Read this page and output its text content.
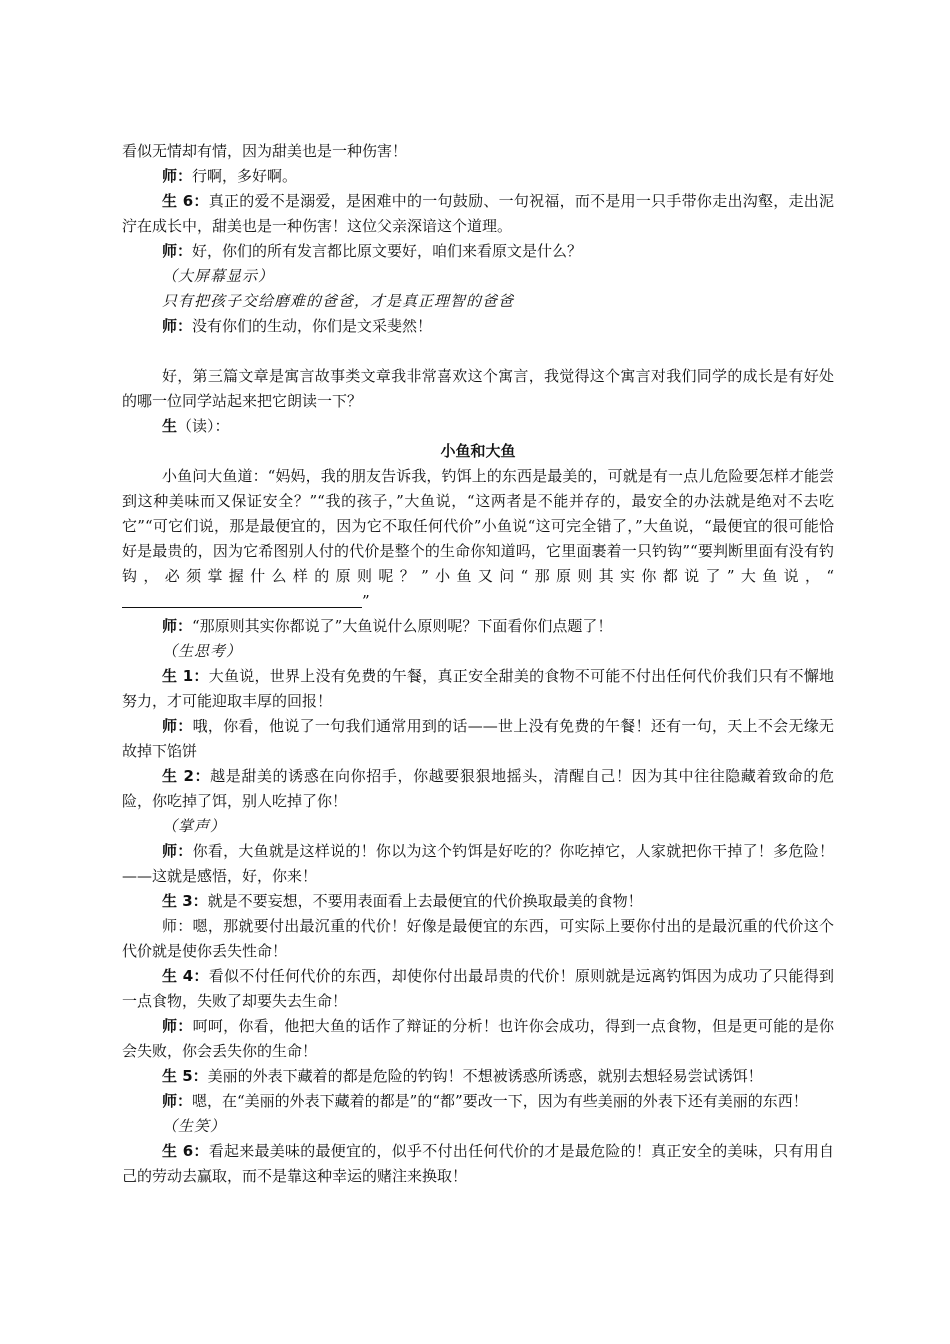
看似无情却有情，因为甜美也是一种伤害！

师：行啊，多好啊。

生 6：真正的爱不是溺爱，是困难中的一句鼓励、一句祝福，而不是用一只手带你走出沟壑，走出泥泞在成长中，甜美也是一种伤害！这位父亲深谙这个道理。

师：好，你们的所有发言都比原文要好，咱们来看原文是什么？

（大屏幕显示）

只有把孩子交给磨难的爸爸，才是真正理智的爸爸

师：没有你们的生动，你们是文采斐然！

好，第三篇文章是寓言故事类文章我非常喜欢这个寓言，我觉得这个寓言对我们同学的成长是有好处的哪一位同学站起来把它朗读一下？

生（读）：

小鱼和大鱼

小鱼问大鱼道：“妈妈，我的朋友告诉我，钓饵上的东西是最美的，可就是有一点儿危险要怎样才能尝到这种美味而又保证安全？”“我的孩子，”大鱼说，“这两者是不能并存的，最安全的办法就是绝对不去吃它”“可它们说，那是最便宜的，因为它不取任何代价”小鱼说“这可完全错了，”大鱼说，“最便宜的很可能恰好是最贵的，因为它希图别人付的代价是整个的生命你知道吗，它里面裹着一只钓钩”“要判断里面有没有钓钩，必须掌握什么样的原则呢？”小鱼又问“那原则其实你都说了”大鱼说，“”

师：“那原则其实你都说了”大鱼说什么原则呢？下面看你们点题了！

（生思考）

生 1：大鱼说，世界上没有免费的午餐，真正安全甜美的食物不可能不付出任何代价我们只有不懈地努力，才可能迎取丰厚的回报！

师：哦，你看，他说了一句我们通常用到的话——世上没有免费的午餐！还有一句，天上不会无缘无故掉下馅饼

生 2：越是甜美的诱惑在向你招手，你越要狠狠地摇头，清醒自己！因为其中往往隐藏着致命的危险，你吃掉了饵，别人吃掉了你！

（掌声）

师：你看，大鱼就是这样说的！你以为这个钓饵是好吃的？你吃掉它，人家就把你干掉了！多危险！——这就是感悟，好，你来！

生 3：就是不要妄想，不要用表面看上去最便宜的代价换取最美的食物！

师：嗯，那就要付出最沉重的代价！好像是最便宜的东西，可实际上要你付出的是最沉重的代价这个代价就是使你丢失性命！

生 4：看似不付任何代价的东西，却使你付出最昂贵的代价！原则就是远离钓饵因为成功了只能得到一点食物，失败了却要失去生命！

师：呵呵，你看，他把大鱼的话作了辩证的分析！也许你会成功，得到一点食物，但是更可能的是你会失败，你会丢失你的生命！

生 5：美丽的外表下藏着的都是危险的钓钩！不想被诱惑所诱惑，就别去想轻易尝试诱饵！

师：嗯，在“美丽的外表下藏着的都是”的“都”要改一下，因为有些美丽的外表下还有美丽的东西！

（生笑）

生 6：看起来最美味的最便宜的，似乎不付出任何代价的才是最危险的！真正安全的美味，只有用自己的劳动去赢取，而不是靠这种幸运的赌注来换取！
